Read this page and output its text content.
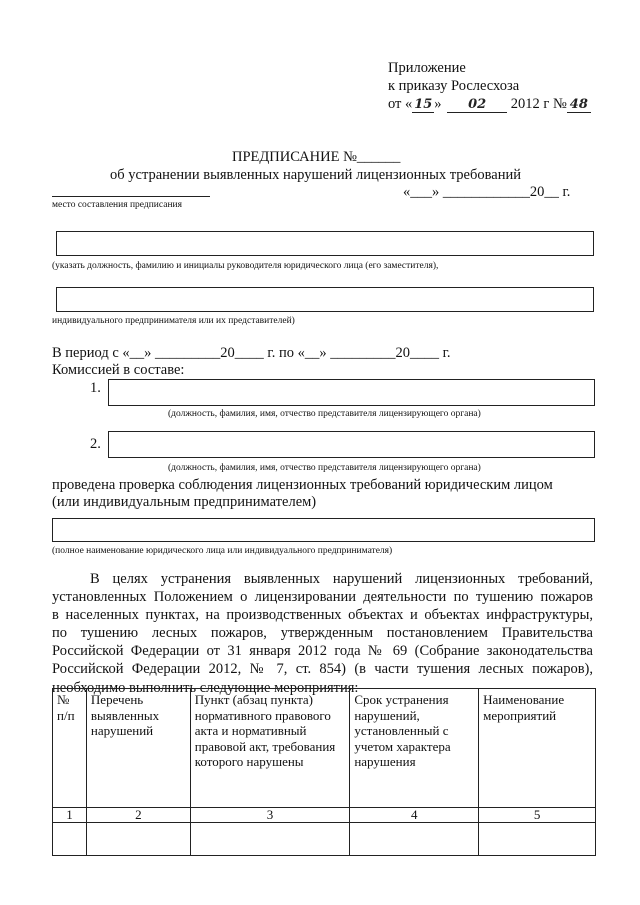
Приложение
к приказу Рослесхоза
от « 15 » 02 2012 г № 48
ПРЕДПИСАНИЕ №______
об устранении выявленных нарушений лицензионных требований
«___» ____________20__ г.
место составления предписания
(указать должность, фамилию и инициалы руководителя юридического лица (его заместителя),
индивидуального предпринимателя или их представителей)
В период с «__» _________20____ г. по «__» _________20____ г.
Комиссией в составе:
1.
(должность, фамилия, имя, отчество представителя лицензирующего органа)
2.
(должность, фамилия, имя, отчество представителя лицензирующего органа)
проведена проверка соблюдения лицензионных требований юридическим лицом
(или индивидуальным предпринимателем)
(полное наименование юридического лица или индивидуального предпринимателя)
В целях устранения выявленных нарушений лицензионных требований,
установленных Положением о лицензировании деятельности по тушению пожаров
в населенных пунктах, на производственных объектах и объектах инфраструктуры,
по тушению лесных пожаров, утвержденным постановлением Правительства
Российской Федерации от 31 января 2012 года № 69 (Собрание законодательства
Российской Федерации 2012, № 7, ст. 854) (в части тушения лесных пожаров),
необходимо выполнить следующие мероприятия:
№ п/п	Перечень выявленных нарушений	Пункт (абзац пункта) нормативного правового акта и нормативный правовой акт, требования которого нарушены	Срок устранения нарушений, установленный с учетом характера нарушения	Наименование мероприятий
1	2	3	4	5
